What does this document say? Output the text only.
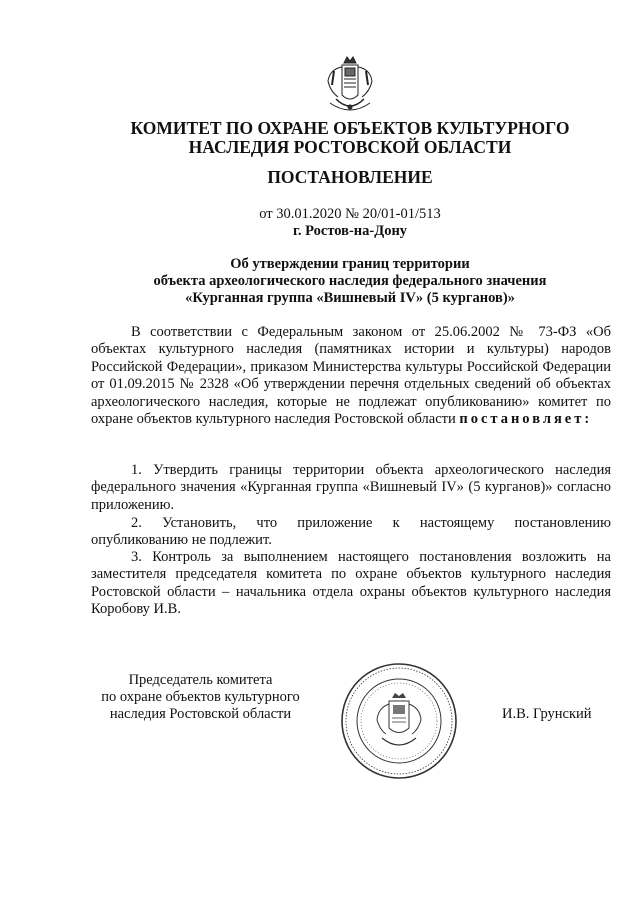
КОМИТЕТ ПО ОХРАНЕ ОБЪЕКТОВ КУЛЬТУРНОГО
НАСЛЕДИЯ РОСТОВСКОЙ ОБЛАСТИ
ПОСТАНОВЛЕНИЕ
от 30.01.2020 № 20/01-01/513
г. Ростов-на-Дону
Об утверждении границ территории
объекта археологического наследия федерального значения
«Курганная группа «Вишневый IV» (5 курганов)»

В соответствии с Федеральным законом от 25.06.2002 № 73-ФЗ «Об объектах культурного наследия (памятниках истории и культуры) народов Российской Федерации», приказом Министерства культуры Российской Федерации от 01.09.2015 № 2328 «Об утверждении перечня отдельных сведений об объектах археологического наследия, которые не подлежат опубликованию» комитет по охране объектов культурного наследия Ростовской области постановляет:

1. Утвердить границы территории объекта археологического наследия федерального значения «Курганная группа «Вишневый IV» (5 курганов)» согласно приложению.

2. Установить, что приложение к настоящему постановлению опубликованию не подлежит.

3. Контроль за выполнением настоящего постановления возложить на заместителя председателя комитета по охране объектов культурного наследия Ростовской области – начальника отдела охраны объектов культурного наследия Коробову И.В.

Председатель комитета
по охране объектов культурного
наследия Ростовской области	И.В. Грунский
